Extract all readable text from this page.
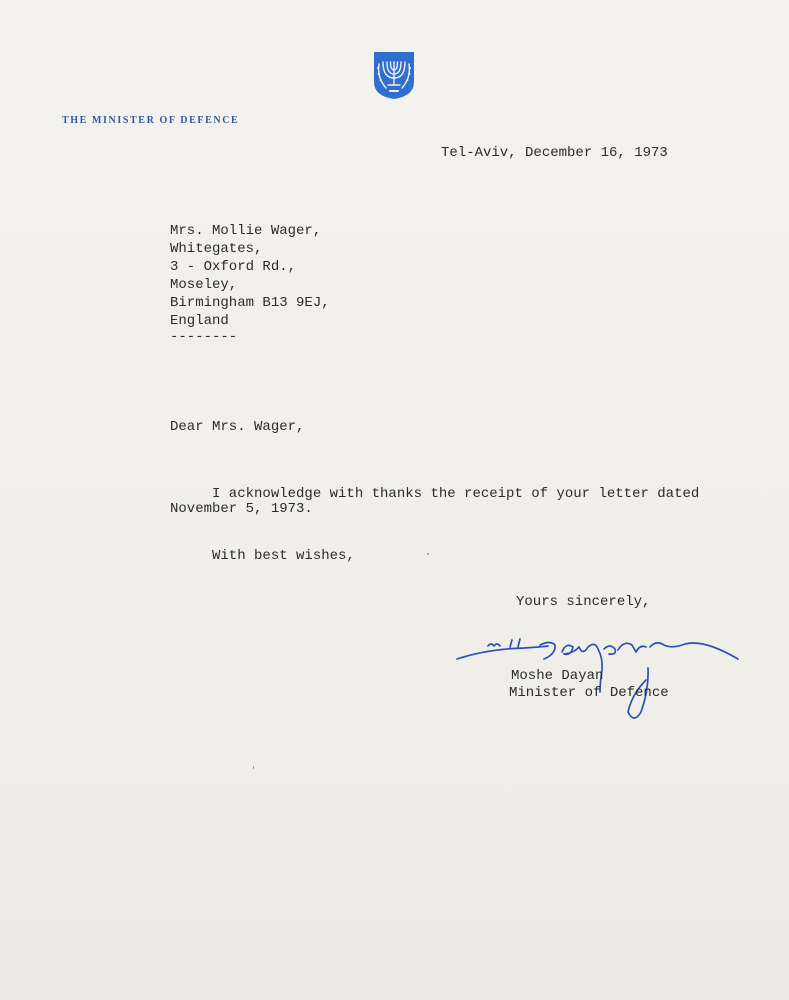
THE MINISTER OF DEFENCE
Tel-Aviv, December 16, 1973
Mrs. Mollie Wager,
Whitegates,
3 - Oxford Rd.,
Moseley,
Birmingham B13 9EJ,
England
--------
Dear Mrs. Wager,
I acknowledge with thanks the receipt of your letter dated
November 5, 1973.
With best wishes,
Yours sincerely,
Moshe Dayan
Minister of Defence
